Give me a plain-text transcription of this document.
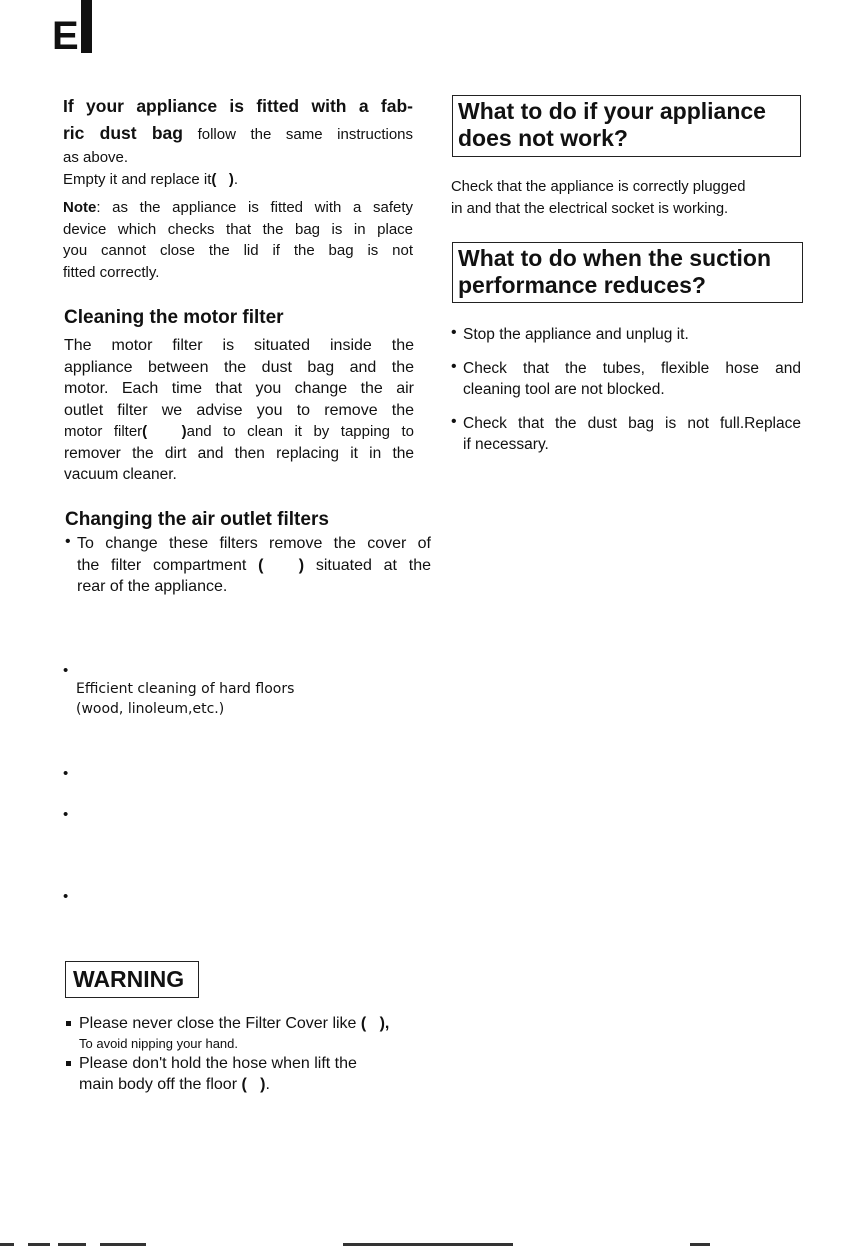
E

If your appliance is fitted with a fab-

ric dust bag follow the same instructions

as above.

Empty it and replace it(   ).

Note: as the appliance is fitted with a safety

device which checks that the bag is in place

you cannot close the lid if the bag is not

fitted correctly.

Cleaning the motor filter

The motor filter is situated inside the

appliance between the dust bag and the

motor. Each time that you change the air

outlet filter we advise you to remove the

motor filter(   )and to clean it by tapping to

remover the dirt and then replacing it in the

vacuum cleaner.

Changing the air outlet filters

• To change these filters remove the cover of

the filter compartment (   ) situated at the

rear of the appliance.

•
Efficient cleaning of hard floors
(wood, linoleum,etc.)
•
•
•
WARNING

Please never close the Filter Cover like (   ),

To avoid nipping your hand.

Please don't hold the hose when lift the

main body off the floor (   ).

What to do if your appliance
does not work?

Check that the appliance is correctly plugged

in and that the electrical socket is working.

What to do when the suction
performance reduces?
• Stop the appliance and unplug it.

• Check that the tubes, flexible hose and

cleaning tool are not blocked.

• Check that the dust bag is not full.Replace

if necessary.
